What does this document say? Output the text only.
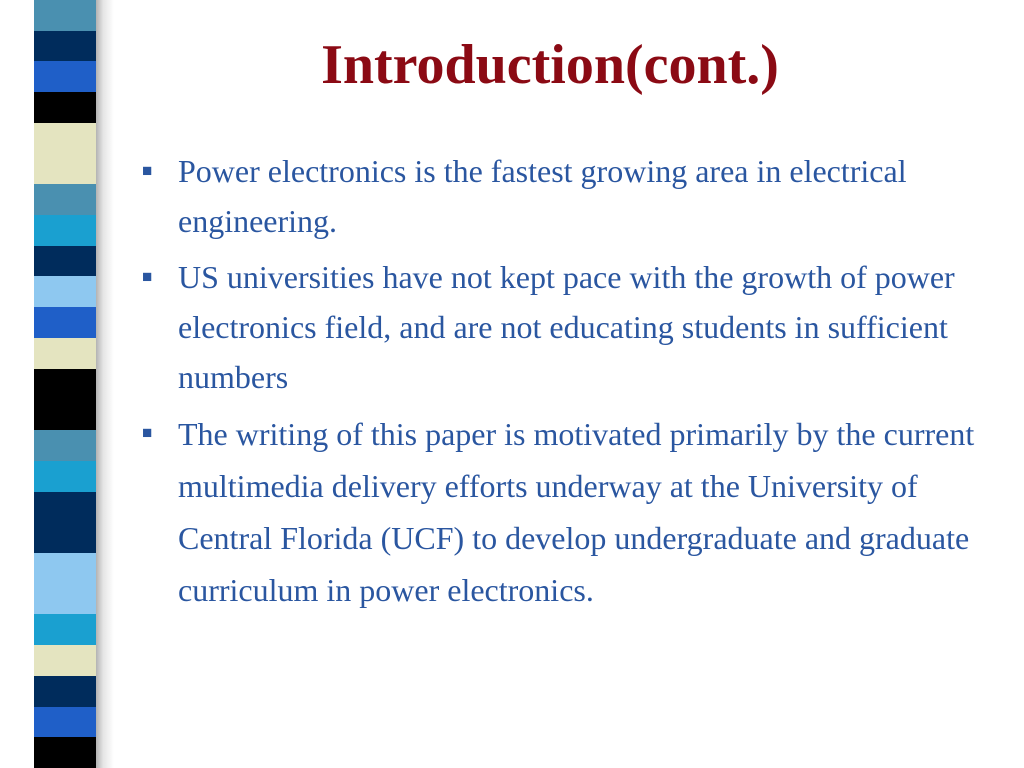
Introduction(cont.)
■ Power electronics is the fastest growing area in electrical engineering.
■ US universities have not kept pace with the growth of power electronics field, and are not educating students in sufficient numbers
■ The writing of this paper is motivated primarily by the current multimedia delivery efforts underway at the University of Central Florida (UCF) to develop undergraduate and graduate curriculum in power electronics.
